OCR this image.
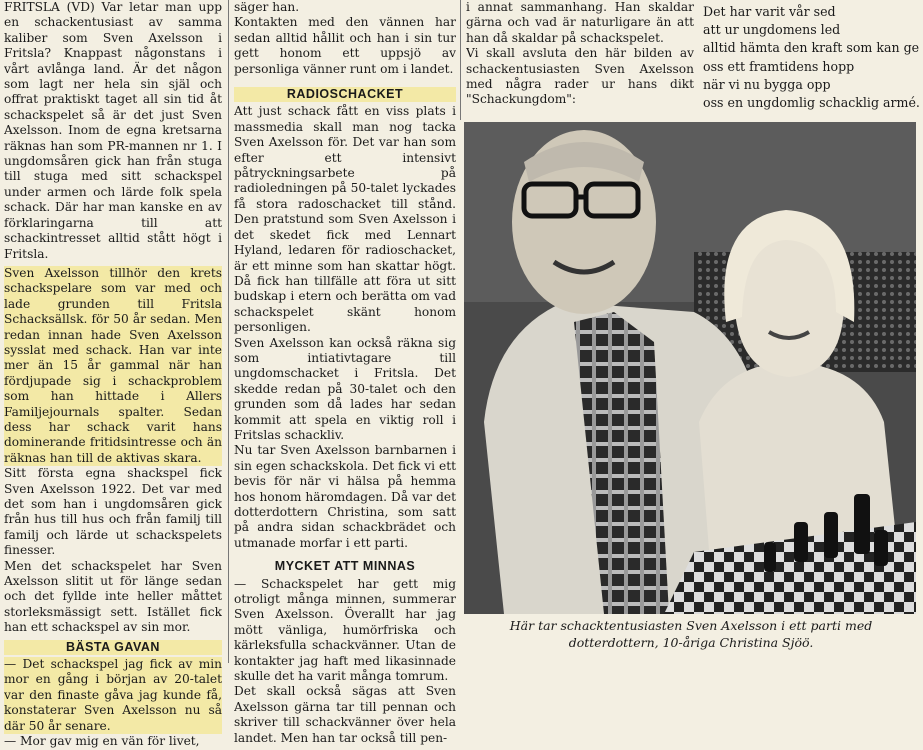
FRITSLA (VD) Var letar man upp en schackentusiast av samma kaliber som Sven Axelsson i Fritsla? Knappast någonstans i vårt avlånga land. Är det någon som lagt ner hela sin själ och offrat praktiskt taget all sin tid åt schackspelet så är det just Sven Axelsson. Inom de egna kretsarna räknas han som PR-mannen nr 1. I ungdomsåren gick han från stuga till stuga med sitt schackspel under armen och lärde folk spela schack. Där har man kanske en av förklaringarna till att schackintresset alltid stått högt i Fritsla.

Sven Axelsson tillhör den krets schackspelare som var med och lade grunden till Fritsla Schacksällsk. för 50 år sedan. Men redan innan hade Sven Axelsson sysslat med schack. Han var inte mer än 15 år gammal när han fördjupade sig i schackproblem som han hittade i Allers Familjejournals spalter. Sedan dess har schack varit hans dominerande fritidsintresse och än räknas han till de aktivas skara.

Sitt första egna shackspel fick Sven Axelsson 1922. Det var med det som han i ungdomsåren gick från hus till hus och från familj till familj och lärde ut schackspelets finesser.

Men det schackspelet har Sven Axelsson slitit ut för länge sedan och det fyllde inte heller måttet storleksmässigt sett. Istället fick han ett schackspel av sin mor.

BÄSTA GAVAN

— Det schackspel jag fick av min mor en gång i början av 20-talet var den finaste gåva jag kunde få, konstaterar Sven Axelsson nu så där 50 år senare.

— Mor gav mig en vän för livet,

säger han.

Kontakten med den vännen har sedan alltid hållit och han i sin tur gett honom ett uppsjö av personliga vänner runt om i landet.

RADIOSCHACKET

Att just schack fått en viss plats i massmedia skall man nog tacka Sven Axelsson för. Det var han som efter ett intensivt påtryckningsarbete på radioledningen på 50-talet lyckades få stora radoschacket till stånd. Den pratstund som Sven Axelsson i det skedet fick med Lennart Hyland, ledaren för radioschacket, är ett minne som han skattar högt. Då fick han tillfälle att föra ut sitt budskap i etern och berätta om vad schackspelet skänt honom personligen.

Sven Axelsson kan också räkna sig som intiativtagare till ungdomschacket i Fritsla. Det skedde redan på 30-talet och den grunden som då lades har sedan kommit att spela en viktig roll i Fritslas schackliv.

Nu tar Sven Axelsson barnbarnen i sin egen schackskola. Det fick vi ett bevis för när vi hälsa på hemma hos honom häromdagen. Då var det dotterdottern Christina, som satt på andra sidan schackbrädet och utmanade morfar i ett parti.

MYCKET ATT MINNAS

— Schackspelet har gett mig otroligt många minnen, summerar Sven Axelsson. Överallt har jag mött vänliga, humörfriska och kärleksfulla schackvänner. Utan de kontakter jag haft med likasinnade skulle det ha varit många tomrum.

Det skall också sägas att Sven Axelsson gärna tar till pennan och skriver till schackvänner över hela landet. Men han tar också till pen-

i annat sammanhang. Han skaldar gärna och vad är naturligare än att han då skaldar på schackspelet.

Vi skall avsluta den här bilden av schackentusiasten Sven Axelsson med några rader ur hans dikt "Schackungdom":

Det har varit vår sed
att ur ungdomens led
alltid hämta den kraft som kan ge
oss ett framtidens hopp
när vi nu bygga opp
oss en ungdomlig schacklig armé.
Här tar schacktentusiasten Sven Axelsson i ett parti med dotterdottern, 10-åriga Christina Sjöö.
